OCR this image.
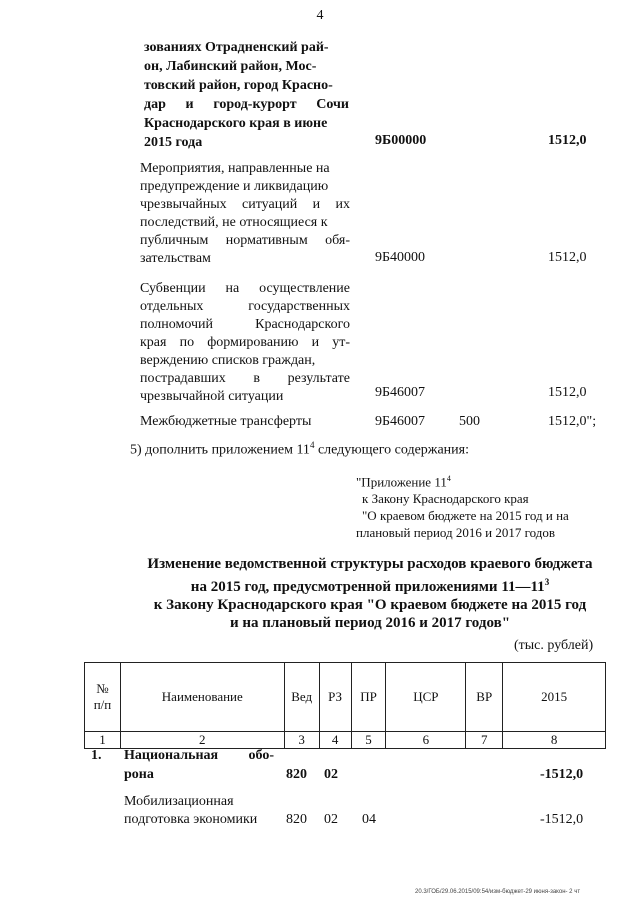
4
зованиях Отрадненский рай-
он, Лабинский район, Мос-
товский район, город Красно-
дар и город-курорт Сочи
Краснодарского края в июне
2015 года	9Б00000	1512,0
Мероприятия, направленные на
предупреждение и ликвидацию
чрезвычайных ситуаций и их
последствий, не относящиеся к
публичным нормативным обя-
зательствам	9Б40000	1512,0
Субвенции на осуществление
отдельных государственных
полномочий Краснодарского
края по формированию и ут-
верждению списков граждан,
пострадавших в результате
чрезвычайной ситуации	9Б46007	1512,0
Межбюджетные трансферты	9Б46007 500	1512,0";
5) дополнить приложением $11^4$ следующего содержания:
"Приложение $11^4$
к Закону Краснодарского края
"О краевом бюджете на 2015 год и на
плановый период 2016 и 2017 годов
Изменение ведомственной структуры расходов краевого бюджета
на 2015 год, предусмотренной приложениями $11—11^3$
к Закону Краснодарского края "О краевом бюджете на 2015 год
и на плановый период 2016 и 2017 годов"
(тыс. рублей)
№ п/п	Наименование	Вед	РЗ	ПР	ЦСР	ВР	2015
1	2	3	4	5	6	7	8
1. Национальная обо-
рона	820 02	-1512,0
Мобилизационная
подготовка экономики 820 02 04	-1512,0
20.3/ГОБ/29.06.2015/09:54/изм-бюджет-29 июня-закон- 2 чт
